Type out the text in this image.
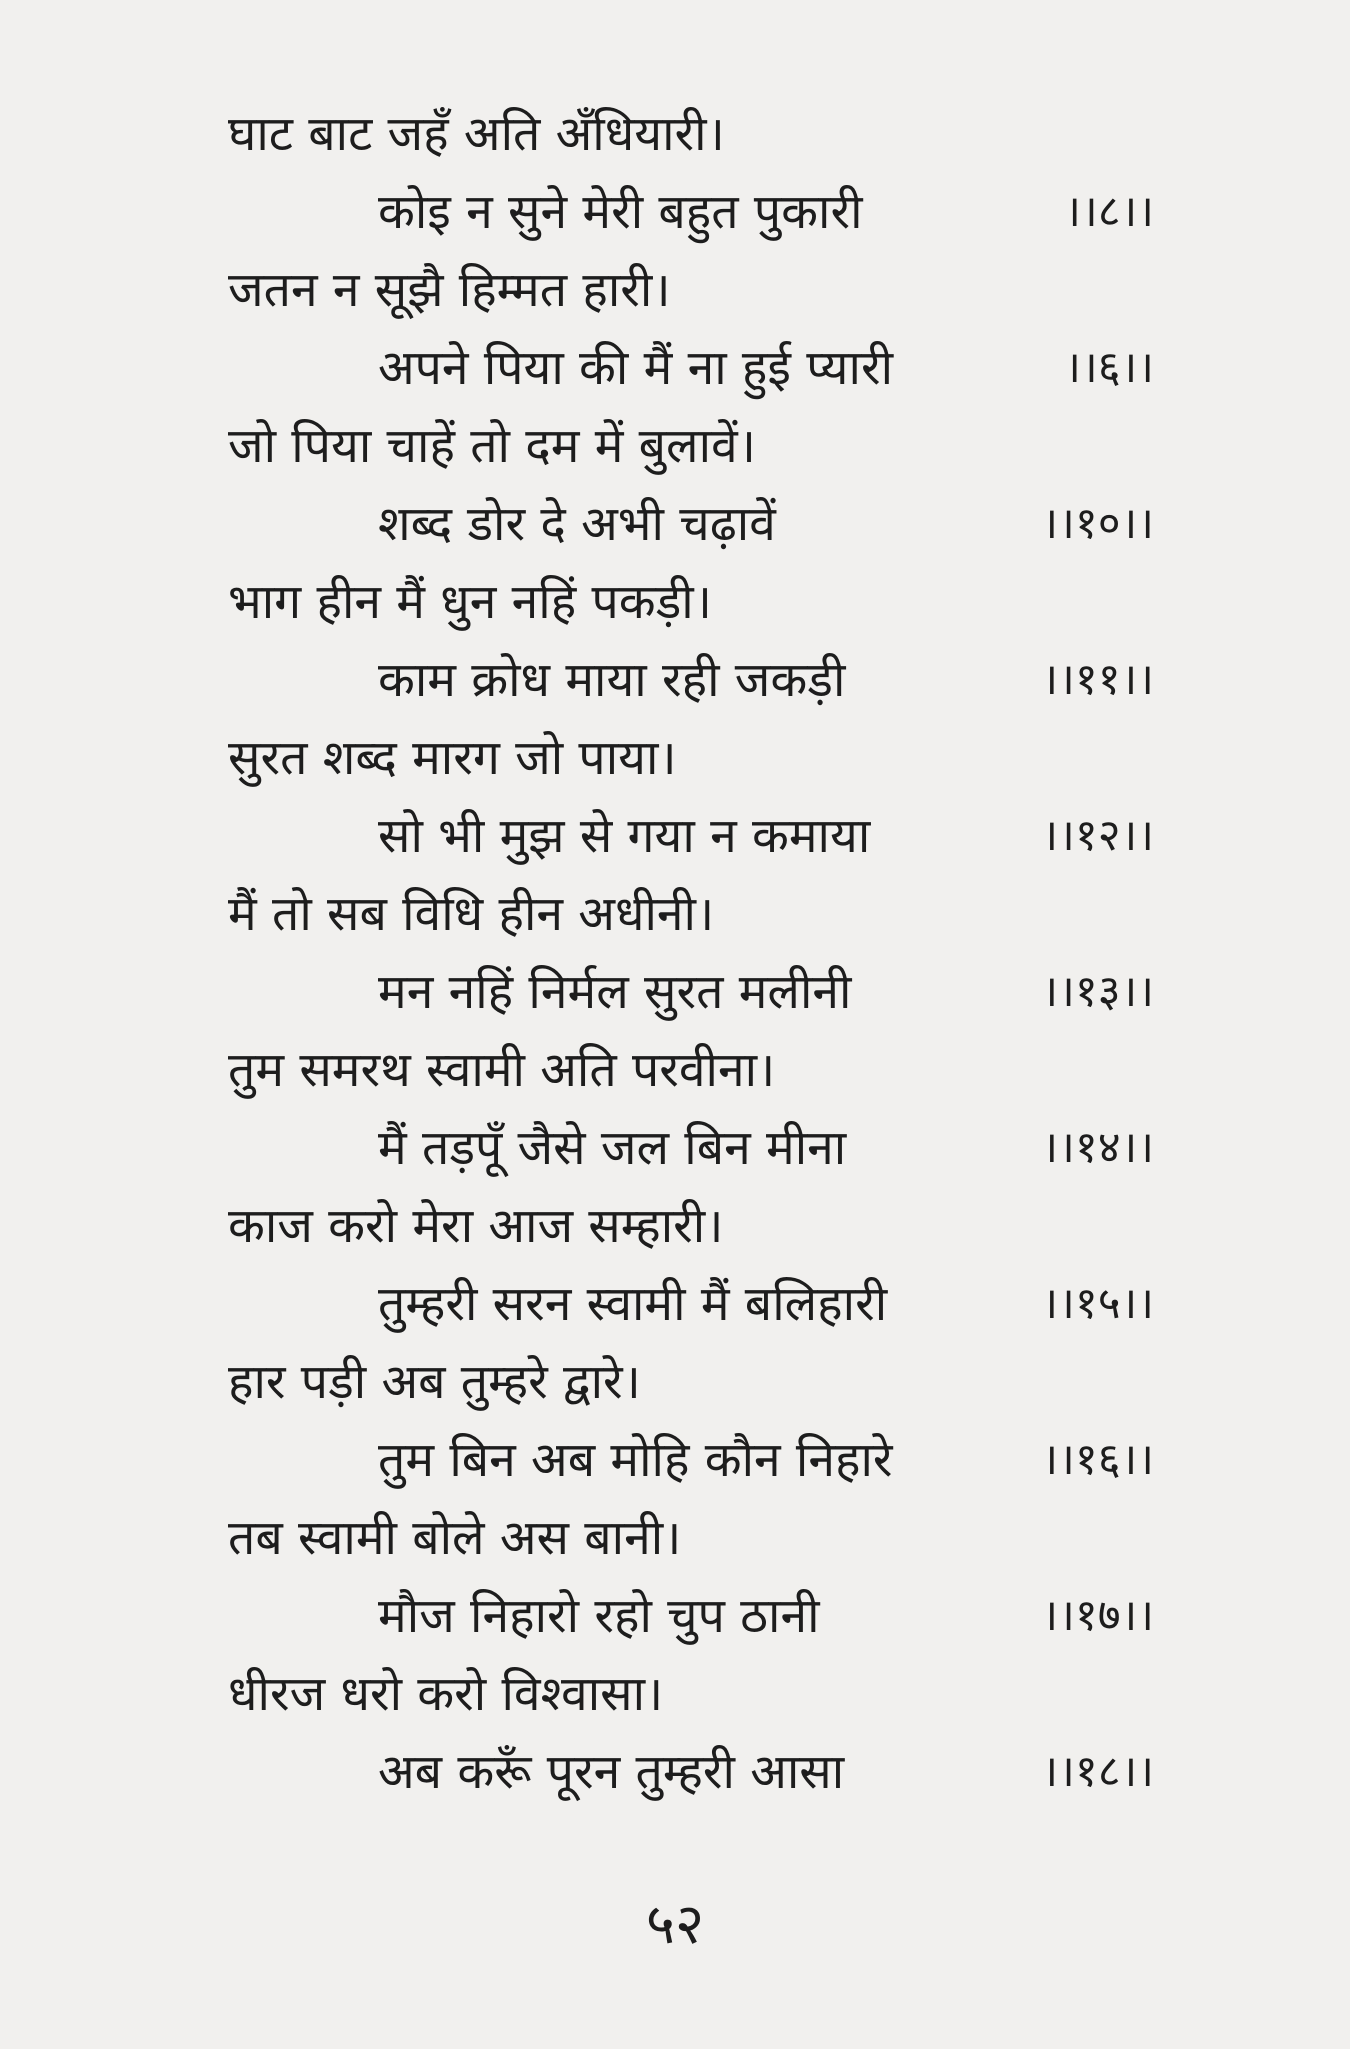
घाट बाट जहँ अति अँधियारी।
कोइ न सुने मेरी बहुत पुकारी	।।८।।
जतन न सूझै हिम्मत हारी।
अपने पिया की मैं ना हुई प्यारी	।।६।।
जो पिया चाहें तो दम में बुलावें।
शब्द डोर दे अभी चढ़ावें	।।१०।।
भाग हीन मैं धुन नहिं पकड़ी।
काम क्रोध माया रही जकड़ी	।।११।।
सुरत शब्द मारग जो पाया।
सो भी मुझ से गया न कमाया	।।१२।।
मैं तो सब विधि हीन अधीनी।
मन नहिं निर्मल सुरत मलीनी	।।१३।।
तुम समरथ स्वामी अति परवीना।
मैं तड़पूँ जैसे जल बिन मीना	।।१४।।
काज करो मेरा आज सम्हारी।
तुम्हरी सरन स्वामी मैं बलिहारी	।।१५।।
हार पड़ी अब तुम्हरे द्वारे।
तुम बिन अब मोहि कौन निहारे	।।१६।।
तब स्वामी बोले अस बानी।
मौज निहारो रहो चुप ठानी	।।१७।।
धीरज धरो करो विश्वासा।
अब करूँ पूरन तुम्हरी आसा	।।१८।।
५२
